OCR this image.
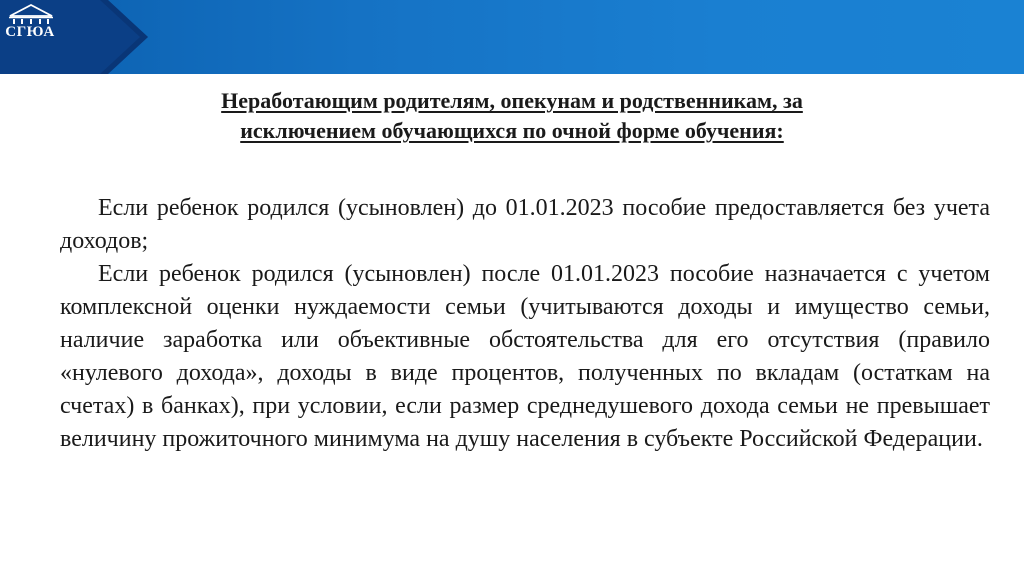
СГЮА
Неработающим родителям, опекунам и родственникам, за
исключением обучающихся по очной форме обучения:

Если ребенок родился (усыновлен) до 01.01.2023 пособие предоставляется без учета доходов;

Если ребенок родился (усыновлен) после 01.01.2023 пособие назначается с учетом комплексной оценки нуждаемости семьи (учитываются доходы и имущество семьи, наличие заработка или объективные обстоятельства для его отсутствия (правило «нулевого дохода», доходы в виде процентов, полученных по вкладам (остаткам на счетах) в банках), при условии, если размер среднедушевого дохода семьи не превышает величину прожиточного минимума на душу населения в субъекте Российской Федерации.
